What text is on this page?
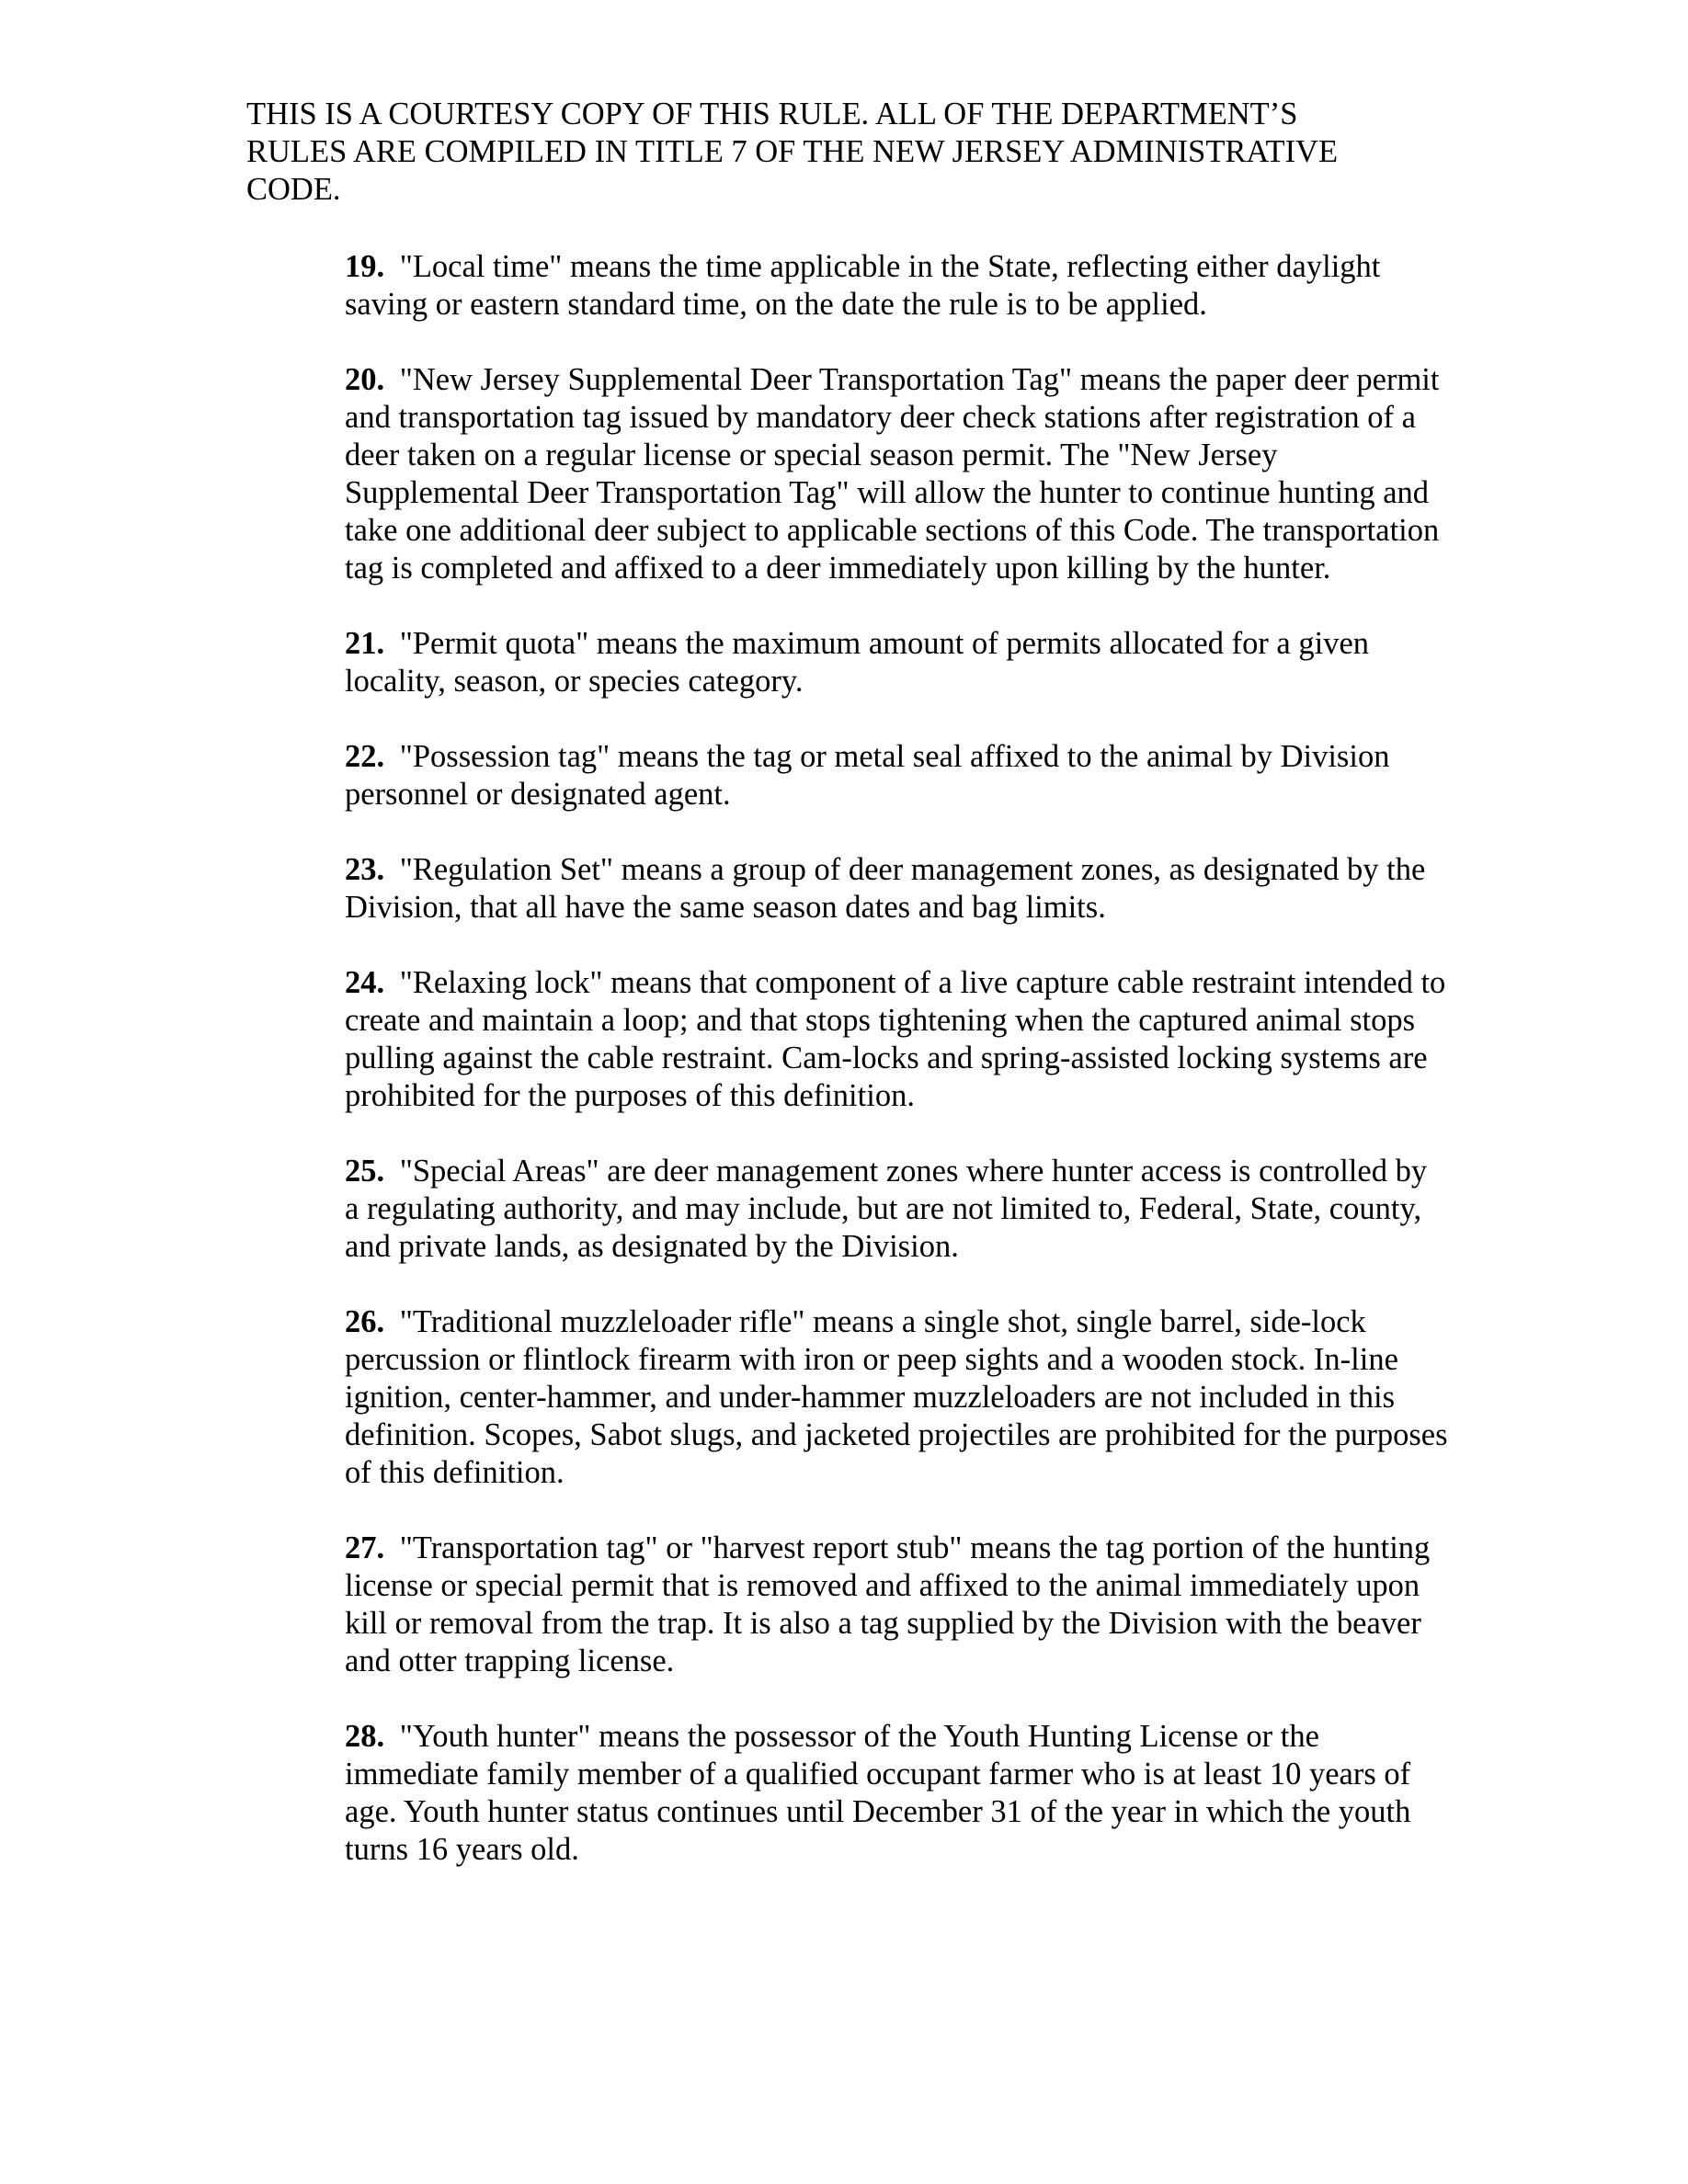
THIS IS A COURTESY COPY OF THIS RULE. ALL OF THE DEPARTMENT’S
RULES ARE COMPILED IN TITLE 7 OF THE NEW JERSEY ADMINISTRATIVE
CODE.

19. "Local time" means the time applicable in the State, reflecting either daylight saving or eastern standard time, on the date the rule is to be applied.

20. "New Jersey Supplemental Deer Transportation Tag" means the paper deer permit and transportation tag issued by mandatory deer check stations after registration of a deer taken on a regular license or special season permit. The "New Jersey Supplemental Deer Transportation Tag" will allow the hunter to continue hunting and take one additional deer subject to applicable sections of this Code. The transportation tag is completed and affixed to a deer immediately upon killing by the hunter.

21. "Permit quota" means the maximum amount of permits allocated for a given locality, season, or species category.

22. "Possession tag" means the tag or metal seal affixed to the animal by Division personnel or designated agent.

23. "Regulation Set" means a group of deer management zones, as designated by the Division, that all have the same season dates and bag limits.

24. "Relaxing lock" means that component of a live capture cable restraint intended to create and maintain a loop; and that stops tightening when the captured animal stops pulling against the cable restraint. Cam-locks and spring-assisted locking systems are prohibited for the purposes of this definition.

25. "Special Areas" are deer management zones where hunter access is controlled by a regulating authority, and may include, but are not limited to, Federal, State, county, and private lands, as designated by the Division.

26. "Traditional muzzleloader rifle" means a single shot, single barrel, side-lock percussion or flintlock firearm with iron or peep sights and a wooden stock. In-line ignition, center-hammer, and under-hammer muzzleloaders are not included in this definition. Scopes, Sabot slugs, and jacketed projectiles are prohibited for the purposes of this definition.

27. "Transportation tag" or "harvest report stub" means the tag portion of the hunting license or special permit that is removed and affixed to the animal immediately upon kill or removal from the trap. It is also a tag supplied by the Division with the beaver and otter trapping license.

28. "Youth hunter" means the possessor of the Youth Hunting License or the immediate family member of a qualified occupant farmer who is at least 10 years of age. Youth hunter status continues until December 31 of the year in which the youth turns 16 years old.
